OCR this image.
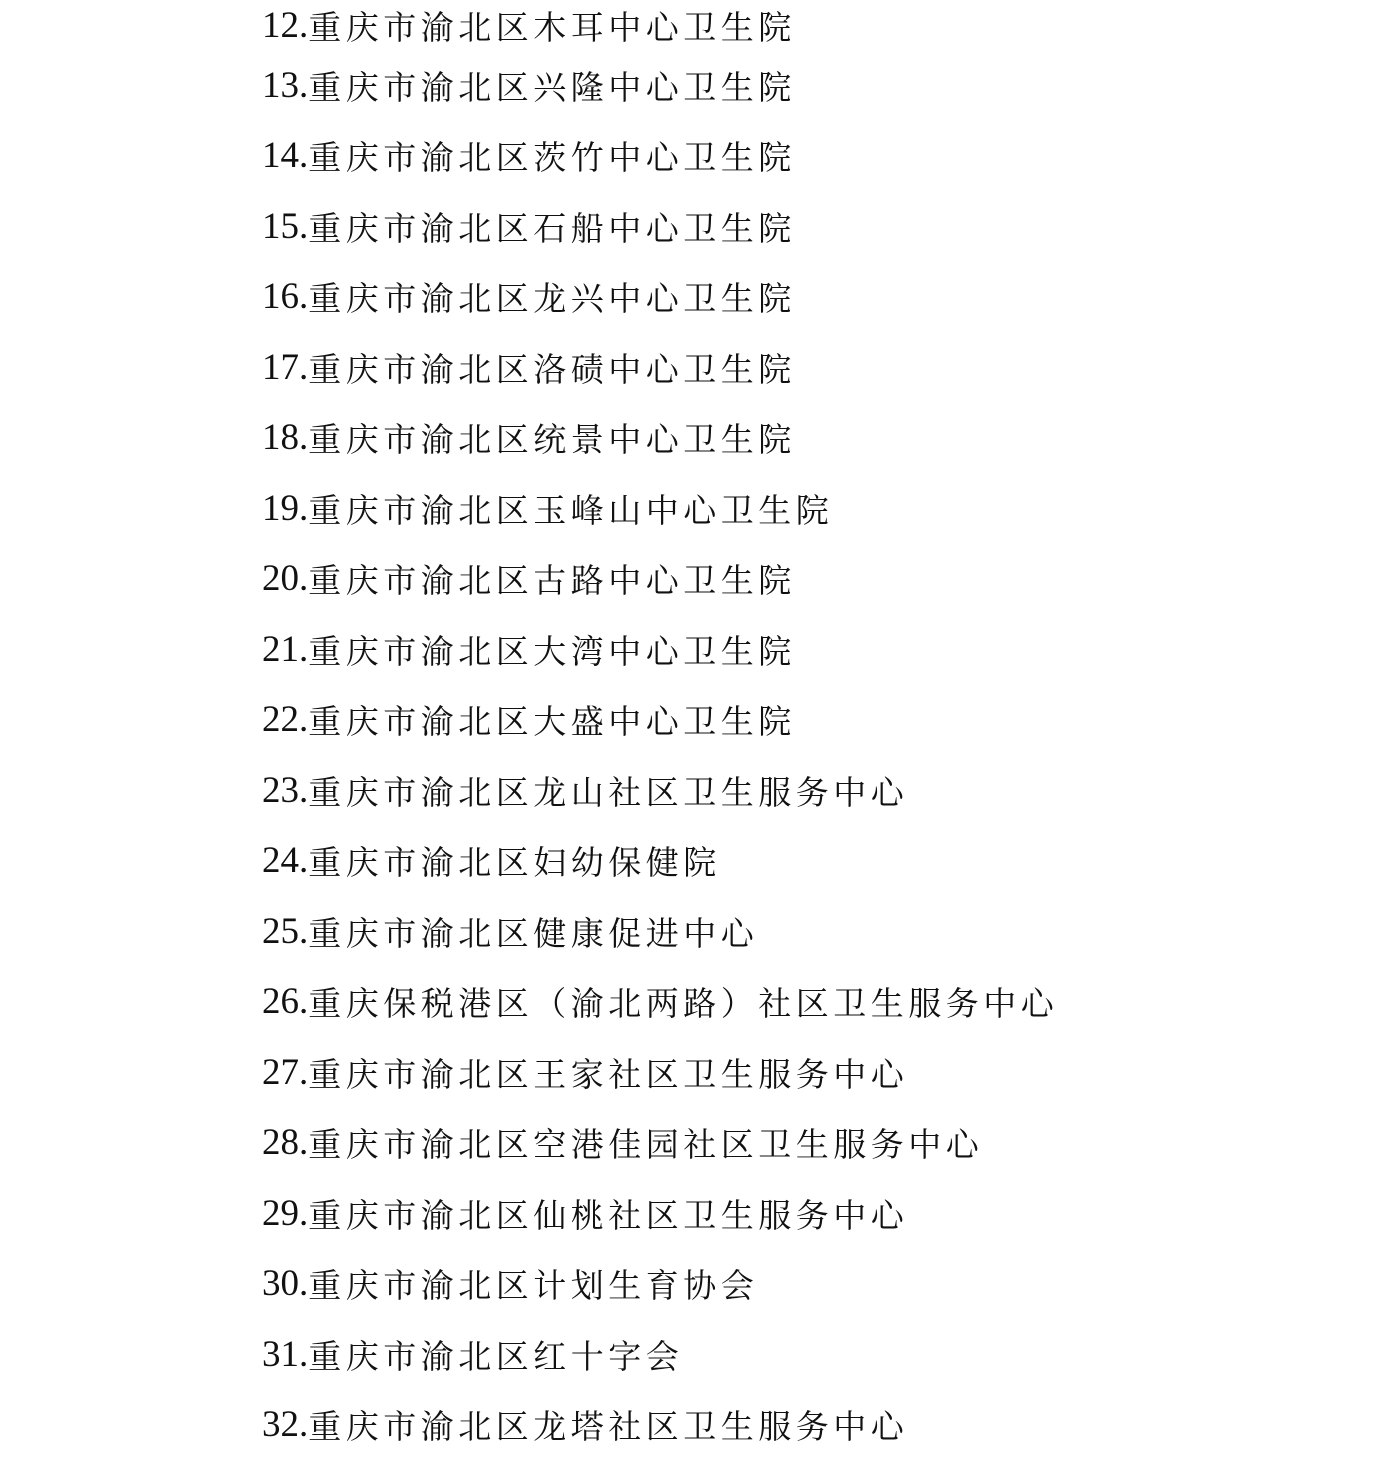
12. 重庆市渝北区木耳中心卫生院
13. 重庆市渝北区兴隆中心卫生院
14. 重庆市渝北区茨竹中心卫生院
15. 重庆市渝北区石船中心卫生院
16. 重庆市渝北区龙兴中心卫生院
17. 重庆市渝北区洛碛中心卫生院
18. 重庆市渝北区统景中心卫生院
19. 重庆市渝北区玉峰山中心卫生院
20. 重庆市渝北区古路中心卫生院
21. 重庆市渝北区大湾中心卫生院
22. 重庆市渝北区大盛中心卫生院
23. 重庆市渝北区龙山社区卫生服务中心
24. 重庆市渝北区妇幼保健院
25. 重庆市渝北区健康促进中心
26. 重庆保税港区（渝北两路）社区卫生服务中心
27. 重庆市渝北区王家社区卫生服务中心
28. 重庆市渝北区空港佳园社区卫生服务中心
29. 重庆市渝北区仙桃社区卫生服务中心
30. 重庆市渝北区计划生育协会
31. 重庆市渝北区红十字会
32. 重庆市渝北区龙塔社区卫生服务中心
